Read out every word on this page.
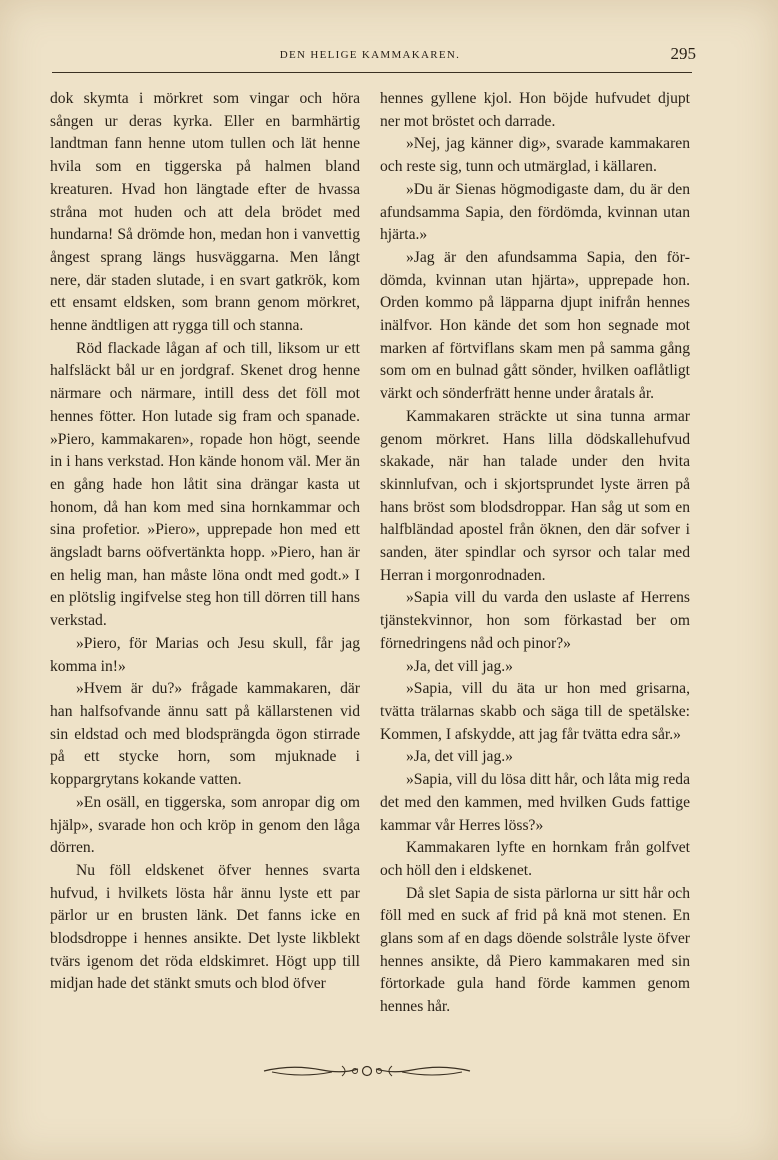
DEN HELIGE KAMMAKAREN.	295

dok skymta i mörkret som vingar och höra sången ur deras kyrka. Eller en barmhärtig landtman fann henne utom tullen och lät henne hvila som en tiggerska på halmen bland kreaturen. Hvad hon längtade efter de hvassa stråna mot huden och att dela brödet med hundarna! Så drömde hon, medan hon i vanvettig ångest sprang längs husväggarna. Men långt nere, där staden slutade, i en svart gatkrök, kom ett ensamt eldsken, som brann genom mörkret, henne ändtligen att rygga till och stanna.

Röd flackade lågan af och till, liksom ur ett halfsläckt bål ur en jordgraf. Skenet drog henne närmare och närmare, intill dess det föll mot hennes fötter. Hon lutade sig fram och spanade. »Piero, kammakaren», ropade hon högt, seende in i hans verkstad. Hon kände honom väl. Mer än en gång hade hon låtit sina drängar kasta ut honom, då han kom med sina hornkammar och sina profetior. »Piero», upprepade hon med ett ängsladt barns oöfvertänkta hopp. »Piero, han är en helig man, han måste löna ondt med godt.» I en plötslig ingifvelse steg hon till dörren till hans verkstad.

»Piero, för Marias och Jesu skull, får jag komma in!»

»Hvem är du?» frågade kammakaren, där han halfsofvande ännu satt på källarstenen vid sin eldstad och med blodsprängda ögon stirrade på ett stycke horn, som mjuknade i koppargrytans kokande vatten.

»En osäll, en tiggerska, som anropar dig om hjälp», svarade hon och kröp in genom den låga dörren.

Nu föll eldskenet öfver hennes svarta hufvud, i hvilkets lösta hår ännu lyste ett par pärlor ur en brusten länk. Det fanns icke en blodsdroppe i hennes ansikte. Det lyste likblekt tvärs igenom det röda eldskimret. Högt upp till midjan hade det stänkt smuts och blod öfver

hennes gyllene kjol. Hon böjde hufvudet djupt ner mot bröstet och darrade.

»Nej, jag känner dig», svarade kammakaren och reste sig, tunn och utmärglad, i källaren.

»Du är Sienas högmodigaste dam, du är den afundsamma Sapia, den fördömda, kvinnan utan hjärta.»

»Jag är den afundsamma Sapia, den fördömda, kvinnan utan hjärta», upprepade hon. Orden kommo på läpparna djupt inifrån hennes inälfvor. Hon kände det som hon segnade mot marken af förtviflans skam men på samma gång som om en bulnad gått sönder, hvilken oaflåtligt värkt och sönderfrätt henne under åratals år.

Kammakaren sträckte ut sina tunna armar genom mörkret. Hans lilla dödskallehufvud skakade, när han talade under den hvita skinnlufvan, och i skjortsprundet lyste ärren på hans bröst som blodsdroppar. Han såg ut som en halfbländad apostel från öknen, den där sofver i sanden, äter spindlar och syrsor och talar med Herran i morgonrodnaden.

»Sapia vill du varda den uslaste af Herrens tjänstekvinnor, hon som förkastad ber om förnedringens nåd och pinor?»

»Ja, det vill jag.»

»Sapia, vill du äta ur hon med grisarna, tvätta trälarnas skabb och säga till de spetälske: Kommen, I afskydde, att jag får tvätta edra sår.»

»Ja, det vill jag.»

»Sapia, vill du lösa ditt hår, och låta mig reda det med den kammen, med hvilken Guds fattige kammar vår Herres löss?»

Kammakaren lyfte en hornkam från golfvet och höll den i eldskenet.

Då slet Sapia de sista pärlorna ur sitt hår och föll med en suck af frid på knä mot stenen. En glans som af en dags döende solstråle lyste öfver hennes ansikte, då Piero kammakaren med sin förtorkade gula hand förde kammen genom hennes hår.
